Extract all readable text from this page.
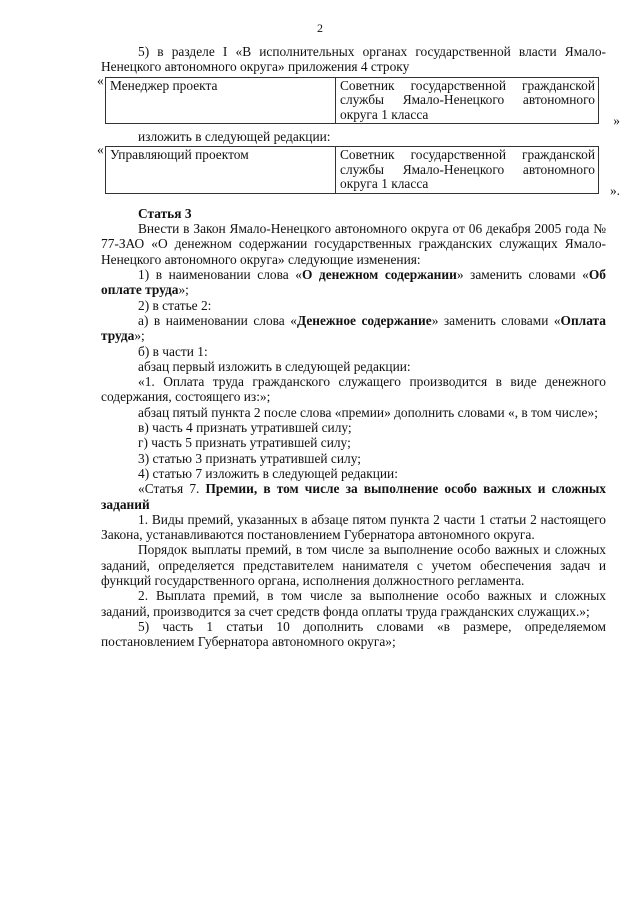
2

5) в разделе I «В исполнительных органах государственной власти Ямало-Ненецкого автономного округа» приложения 4 строку

« Менеджер проекта	Советник государственной гражданской службы Ямало-Ненецкого автономного округа 1 класса	»

изложить в следующей редакции:

« Управляющий проектом	Советник государственной гражданской службы Ямало-Ненецкого автономного округа 1 класса	».

Статья 3

Внести в Закон Ямало-Ненецкого автономного округа от 06 декабря 2005 года № 77-ЗАО «О денежном содержании государственных гражданских служащих Ямало-Ненецкого автономного округа» следующие изменения:

1) в наименовании слова «О денежном содержании» заменить словами «Об оплате труда»;

2) в статье 2:

а) в наименовании слова «Денежное содержание» заменить словами «Оплата труда»;

б) в части 1:

абзац первый изложить в следующей редакции:

«1. Оплата труда гражданского служащего производится в виде денежного содержания, состоящего из:»;

абзац пятый пункта 2 после слова «премии» дополнить словами «, в том числе»;

в) часть 4 признать утратившей силу;

г) часть 5 признать утратившей силу;

3) статью 3 признать утратившей силу;

4) статью 7 изложить в следующей редакции:

«Статья 7. Премии, в том числе за выполнение особо важных и сложных заданий

1. Виды премий, указанных в абзаце пятом пункта 2 части 1 статьи 2 настоящего Закона, устанавливаются постановлением Губернатора автономного округа.

Порядок выплаты премий, в том числе за выполнение особо важных и сложных заданий, определяется представителем нанимателя с учетом обеспечения задач и функций государственного органа, исполнения должностного регламента.

2. Выплата премий, в том числе за выполнение особо важных и сложных заданий, производится за счет средств фонда оплаты труда гражданских служащих.»;

5) часть 1 статьи 10 дополнить словами «в размере, определяемом постановлением Губернатора автономного округа»;
